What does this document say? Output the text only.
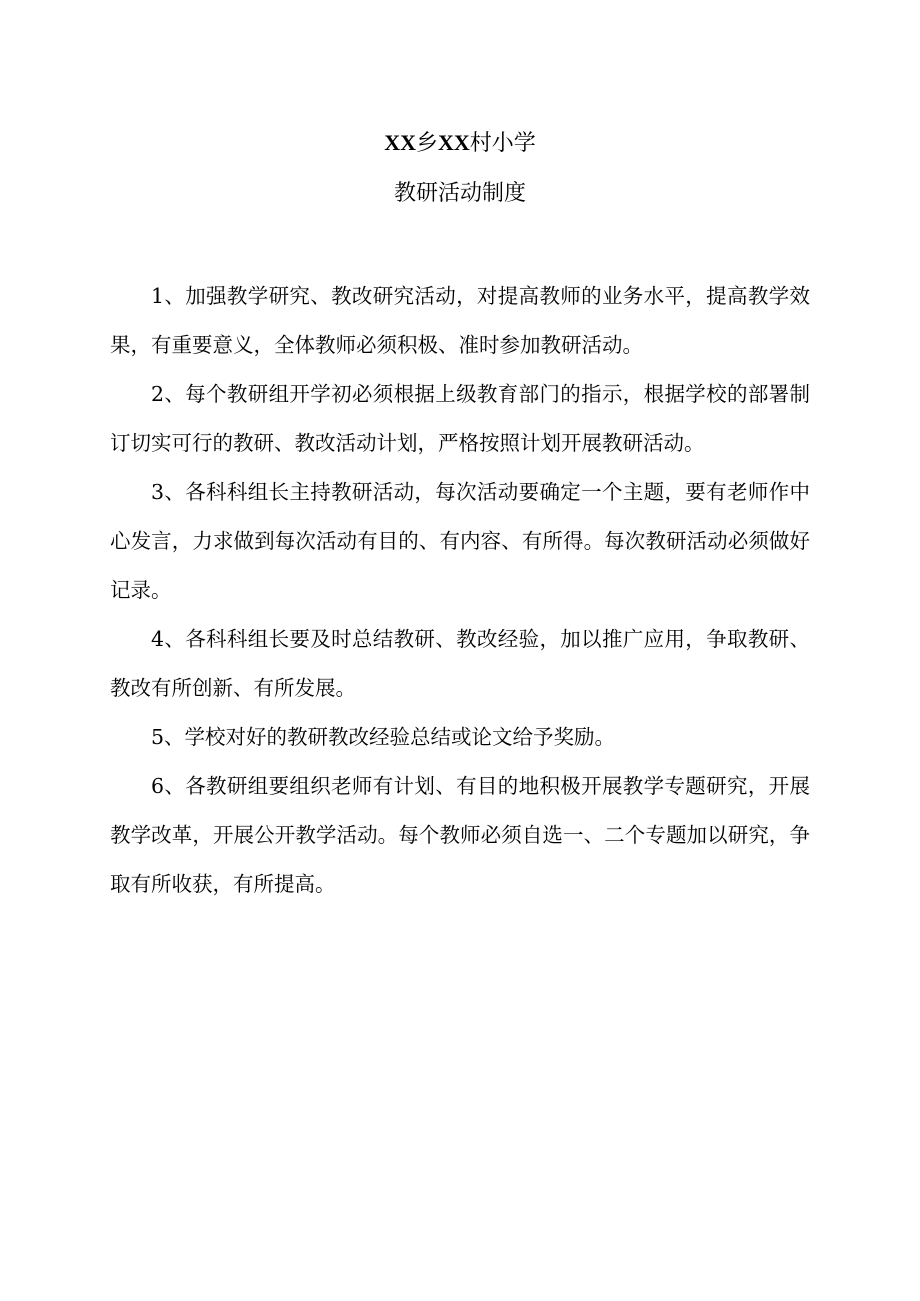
XX乡XX村小学
教研活动制度

1、加强教学研究、教改研究活动，对提高教师的业务水平，提高教学效果，有重要意义，全体教师必须积极、准时参加教研活动。

2、每个教研组开学初必须根据上级教育部门的指示，根据学校的部署制订切实可行的教研、教改活动计划，严格按照计划开展教研活动。

3、各科科组长主持教研活动，每次活动要确定一个主题，要有老师作中心发言，力求做到每次活动有目的、有内容、有所得。每次教研活动必须做好记录。

4、各科科组长要及时总结教研、教改经验，加以推广应用，争取教研、教改有所创新、有所发展。

5、学校对好的教研教改经验总结或论文给予奖励。

6、各教研组要组织老师有计划、有目的地积极开展教学专题研究，开展教学改革，开展公开教学活动。每个教师必须自选一、二个专题加以研究，争取有所收获，有所提高。
